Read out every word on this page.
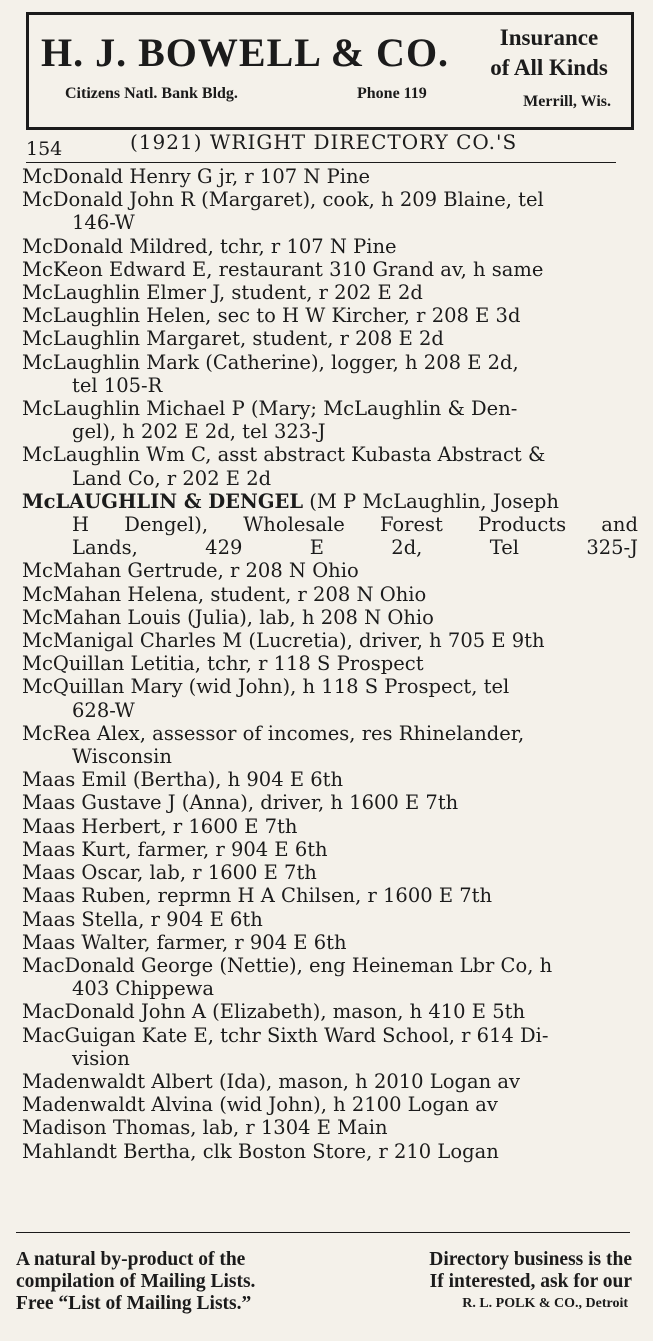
H. J. BOWELL & CO.	Insurance
of All Kinds
Citizens Natl. Bank Bldg.	Phone 119	Merrill, Wis.
154	(1921) WRIGHT DIRECTORY CO.'S
McDonald Henry G jr, r 107 N Pine
McDonald John R (Margaret), cook, h 209 Blaine, tel
146-W
McDonald Mildred, tchr, r 107 N Pine
McKeon Edward E, restaurant 310 Grand av, h same
McLaughlin Elmer J, student, r 202 E 2d
McLaughlin Helen, sec to H W Kircher, r 208 E 3d
McLaughlin Margaret, student, r 208 E 2d
McLaughlin Mark (Catherine), logger, h 208 E 2d,
tel 105-R
McLaughlin Michael P (Mary; McLaughlin & Den-
gel), h 202 E 2d, tel 323-J
McLaughlin Wm C, asst abstract Kubasta Abstract &
Land Co, r 202 E 2d
McLAUGHLIN & DENGEL (M P McLaughlin, Joseph
H Dengel), Wholesale Forest Products and
Lands,	429	E	2d,	Tel	325-J
McMahan Gertrude, r 208 N Ohio
McMahan Helena, student, r 208 N Ohio
McMahan Louis (Julia), lab, h 208 N Ohio
McManigal Charles M (Lucretia), driver, h 705 E 9th
McQuillan Letitia, tchr, r 118 S Prospect
McQuillan Mary (wid John), h 118 S Prospect, tel
628-W
McRea Alex, assessor of incomes, res Rhinelander,
Wisconsin
Maas Emil (Bertha), h 904 E 6th
Maas Gustave J (Anna), driver, h 1600 E 7th
Maas Herbert, r 1600 E 7th
Maas Kurt, farmer, r 904 E 6th
Maas Oscar, lab, r 1600 E 7th
Maas Ruben, reprmn H A Chilsen, r 1600 E 7th
Maas Stella, r 904 E 6th
Maas Walter, farmer, r 904 E 6th
MacDonald George (Nettie), eng Heineman Lbr Co, h
403 Chippewa
MacDonald John A (Elizabeth), mason, h 410 E 5th
MacGuigan Kate E, tchr Sixth Ward School, r 614 Di-
vision
Madenwaldt Albert (Ida), mason, h 2010 Logan av
Madenwaldt Alvina (wid John), h 2100 Logan av
Madison Thomas, lab, r 1304 E Main
Mahlandt Bertha, clk Boston Store, r 210 Logan
A natural by-product of the	Directory business is the
compilation of Mailing Lists.	If interested, ask for our
Free “List of Mailing Lists.”	R. L. POLK & CO., Detroit
